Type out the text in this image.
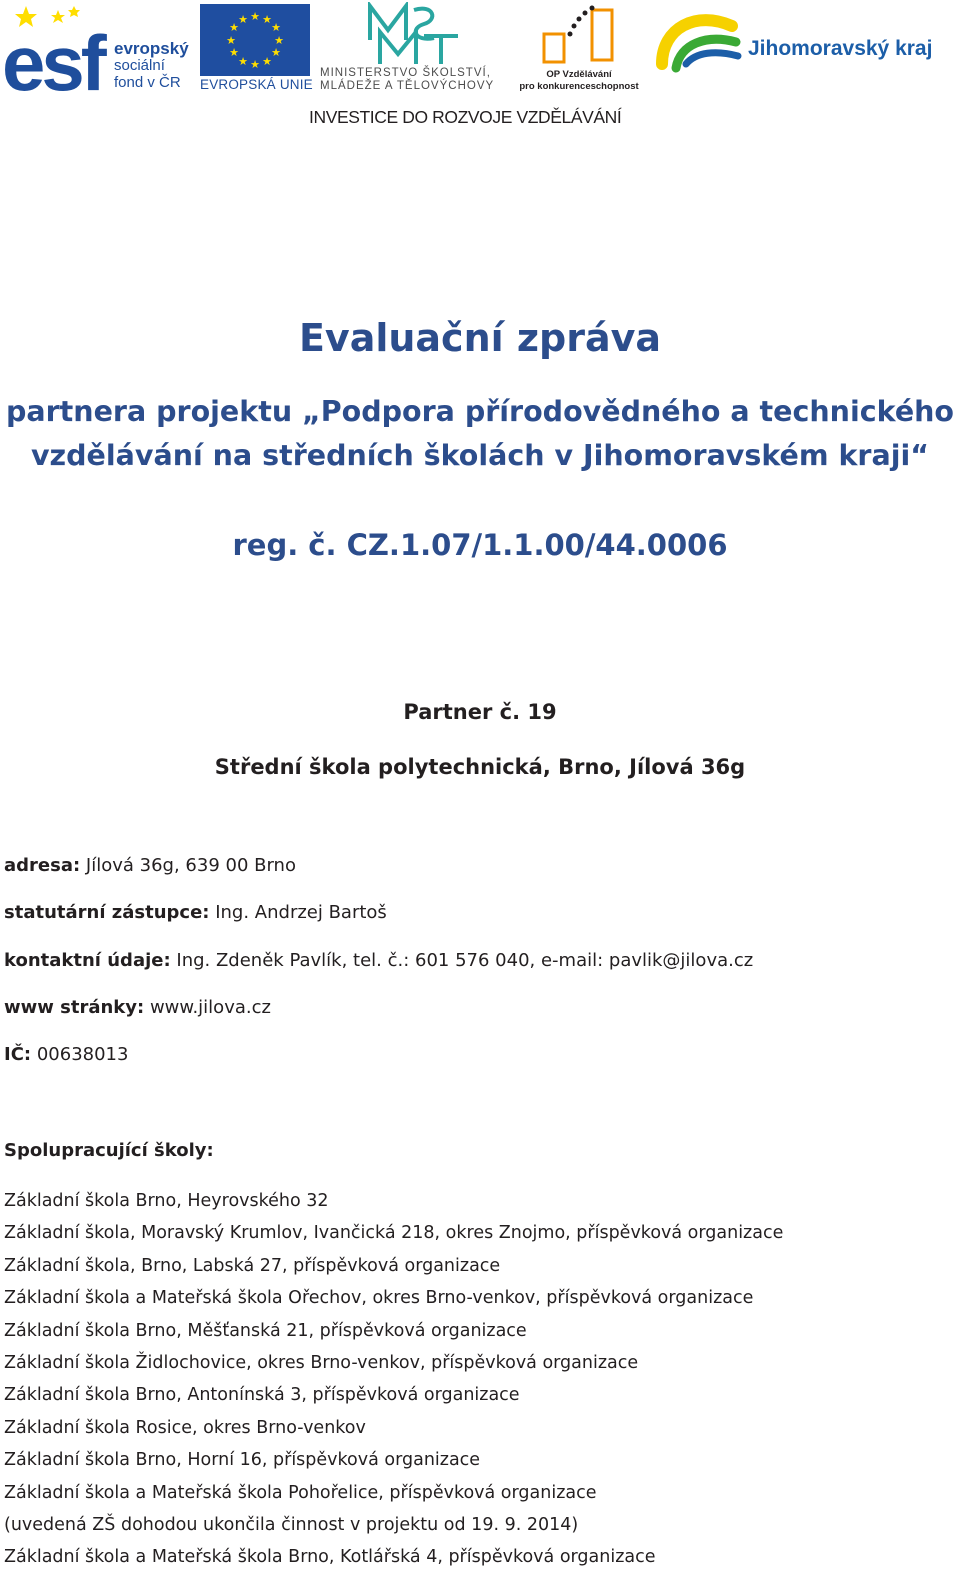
esf evropský
sociální
fond v ČR
★ ★
★
★
★
★
★
★
★
★
★
★
EVROPSKÁ UNIE
MINISTERSTVO ŠKOLSTVÍ,
MLÁDEŽE A TĚLOVÝCHOVY
OP Vzdělávání
pro konkurenceschopnost
Jihomoravský kraj
INVESTICE DO ROZVOJE VZDĚLÁVÁNÍ
Evaluační zpráva
partnera projektu „Podpora přírodovědného a technického
vzdělávání na středních školách v Jihomoravském kraji“
reg. č. CZ.1.07/1.1.00/44.0006
Partner č. 19
Střední škola polytechnická, Brno, Jílová 36g
adresa: Jílová 36g, 639 00 Brno
statutární zástupce: Ing. Andrzej Bartoš
kontaktní údaje: Ing. Zdeněk Pavlík, tel. č.: 601 576 040, e-mail: pavlik@jilova.cz
www stránky: www.jilova.cz
IČ: 00638013
Spolupracující školy:
Základní škola Brno, Heyrovského 32
Základní škola, Moravský Krumlov, Ivančická 218, okres Znojmo, příspěvková organizace
Základní škola, Brno, Labská 27, příspěvková organizace
Základní škola a Mateřská škola Ořechov, okres Brno-venkov, příspěvková organizace
Základní škola Brno, Měšťanská 21, příspěvková organizace
Základní škola Židlochovice, okres Brno-venkov, příspěvková organizace
Základní škola Brno, Antonínská 3, příspěvková organizace
Základní škola Rosice, okres Brno-venkov
Základní škola Brno, Horní 16, příspěvková organizace
Základní škola a Mateřská škola Pohořelice, příspěvková organizace
(uvedená ZŠ dohodou ukončila činnost v projektu od 19. 9. 2014)
Základní škola a Mateřská škola Brno, Kotlářská 4, příspěvková organizace
